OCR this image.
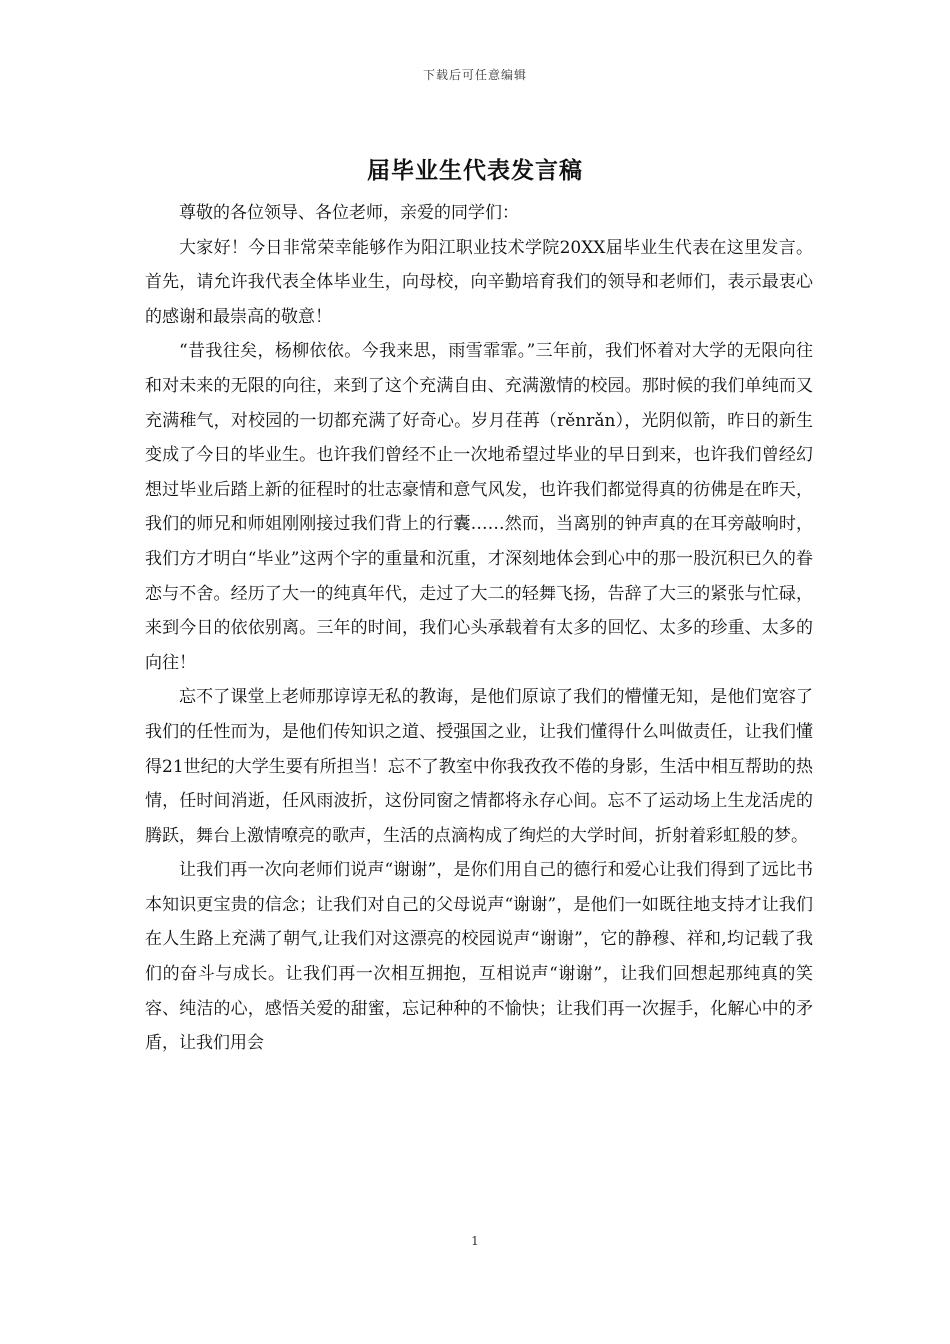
下载后可任意编辑
届毕业生代表发言稿

尊敬的各位领导、各位老师，亲爱的同学们：

大家好！今日非常荣幸能够作为阳江职业技术学院20XX届毕业生代表在这里发言。首先，请允许我代表全体毕业生，向母校，向辛勤培育我们的领导和老师们，表示最衷心的感谢和最崇高的敬意！

“昔我往矣，杨柳依依。今我来思，雨雪霏霏。”三年前，我们怀着对大学的无限向往和对未来的无限的向往，来到了这个充满自由、充满激情的校园。那时候的我们单纯而又充满稚气，对校园的一切都充满了好奇心。岁月荏苒（rěnrǎn），光阴似箭，昨日的新生变成了今日的毕业生。也许我们曾经不止一次地希望过毕业的早日到来，也许我们曾经幻想过毕业后踏上新的征程时的壮志豪情和意气风发，也许我们都觉得真的彷佛是在昨天，我们的师兄和师姐刚刚接过我们背上的行囊……然而，当离别的钟声真的在耳旁敲响时，我们方才明白“毕业”这两个字的重量和沉重，才深刻地体会到心中的那一股沉积已久的眷恋与不舍。经历了大一的纯真年代，走过了大二的轻舞飞扬，告辞了大三的紧张与忙碌，来到今日的依依别离。三年的时间，我们心头承载着有太多的回忆、太多的珍重、太多的向往！

忘不了课堂上老师那谆谆无私的教诲，是他们原谅了我们的懵懂无知，是他们宽容了我们的任性而为，是他们传知识之道、授强国之业，让我们懂得什么叫做责任，让我们懂得21世纪的大学生要有所担当！忘不了教室中你我孜孜不倦的身影，生活中相互帮助的热情，任时间消逝，任风雨波折，这份同窗之情都将永存心间。忘不了运动场上生龙活虎的腾跃，舞台上激情嘹亮的歌声，生活的点滴构成了绚烂的大学时间，折射着彩虹般的梦。

让我们再一次向老师们说声“谢谢”，是你们用自己的德行和爱心让我们得到了远比书本知识更宝贵的信念；让我们对自己的父母说声“谢谢”，是他们一如既往地支持才让我们在人生路上充满了朝气,让我们对这漂亮的校园说声“谢谢”，它的静穆、祥和,均记载了我们的奋斗与成长。让我们再一次相互拥抱，互相说声“谢谢”，让我们回想起那纯真的笑容、纯洁的心，感悟关爱的甜蜜，忘记种种的不愉快；让我们再一次握手，化解心中的矛盾，让我们用会

1
